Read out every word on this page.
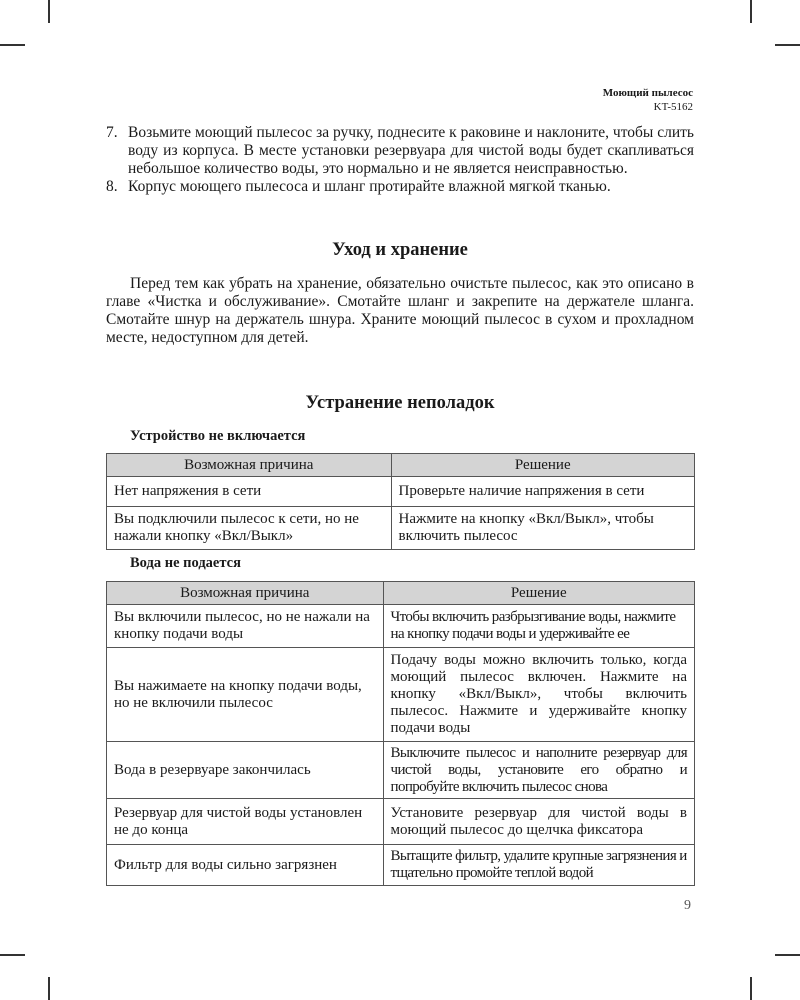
Моющий пылесос
KT-5162
7. Возьмите моющий пылесос за ручку, поднесите к раковине и наклоните, чтобы слить воду из корпуса. В месте установки резервуара для чистой воды будет скапливаться небольшое количество воды, это нормально и не является неисправностью.
8. Корпус моющего пылесоса и шланг протирайте влажной мягкой тканью.
Уход и хранение

Перед тем как убрать на хранение, обязательно очистьте пылесос, как это описано в главе «Чистка и обслуживание». Смотайте шланг и закрепите на держателе шланга. Смотайте шнур на держатель шнура. Храните моющий пылесос в сухом и прохладном месте, недоступном для детей.

Устранение неполадок
Устройство не включается
Возможная причина	Решение
Нет напряжения в сети	Проверьте наличие напряжения в сети
Вы подключили пылесос к сети, но не нажали кнопку «Вкл/Выкл»	Нажмите на кнопку «Вкл/Выкл», чтобы включить пылесос
Вода не подается
Возможная причина	Решение
Вы включили пылесос, но не нажали на кнопку подачи воды	Чтобы включить разбрызгивание воды, нажмите на кнопку подачи воды и удерживайте ее
Вы нажимаете на кнопку подачи воды, но не включили пылесос	Подачу воды можно включить только, когда моющий пылесос включен. Нажмите на кнопку «Вкл/Выкл», чтобы включить пылесос. Нажмите и удерживайте кнопку подачи воды
Вода в резервуаре закончилась	Выключите пылесос и наполните резервуар для чистой воды, установите его обратно и попробуйте включить пылесос снова
Резервуар для чистой воды установлен не до конца	Установите резервуар для чистой воды в моющий пылесос до щелчка фиксатора
Фильтр для воды сильно загрязнен	Вытащите фильтр, удалите крупные загрязнения и тщательно промойте теплой водой
9
